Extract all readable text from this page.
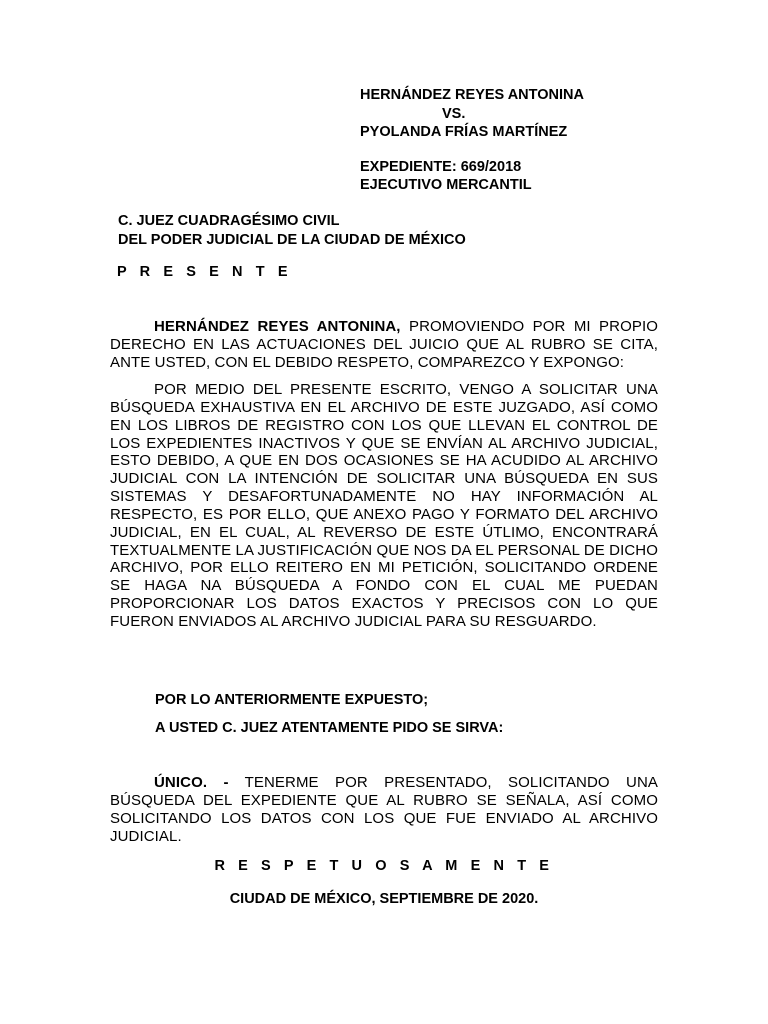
HERNÁNDEZ REYES ANTONINA
VS.
PYOLANDA FRÍAS MARTÍNEZ
EXPEDIENTE: 669/2018
EJECUTIVO MERCANTIL
C. JUEZ CUADRAGÉSIMO CIVIL
DEL PODER JUDICIAL DE LA CIUDAD DE MÉXICO
P R E S E N T E
HERNÁNDEZ REYES ANTONINA, PROMOVIENDO POR MI PROPIO DERECHO EN LAS ACTUACIONES DEL JUICIO QUE AL RUBRO SE CITA, ANTE USTED, CON EL DEBIDO RESPETO, COMPAREZCO Y EXPONGO:
POR MEDIO DEL PRESENTE ESCRITO, VENGO A SOLICITAR UNA BÚSQUEDA EXHAUSTIVA EN EL ARCHIVO DE ESTE JUZGADO, ASÍ COMO EN LOS LIBROS DE REGISTRO CON LOS QUE LLEVAN EL CONTROL DE LOS EXPEDIENTES INACTIVOS Y QUE SE ENVÍAN AL ARCHIVO JUDICIAL, ESTO DEBIDO, A QUE EN DOS OCASIONES SE HA ACUDIDO AL ARCHIVO JUDICIAL CON LA INTENCIÓN DE SOLICITAR UNA BÚSQUEDA EN SUS SISTEMAS Y DESAFORTUNADAMENTE NO HAY INFORMACIÓN AL RESPECTO, ES POR ELLO, QUE ANEXO PAGO Y FORMATO DEL ARCHIVO JUDICIAL, EN EL CUAL, AL REVERSO DE ESTE ÚTLIMO, ENCONTRARÁ TEXTUALMENTE LA JUSTIFICACIÓN QUE NOS DA EL PERSONAL DE DICHO ARCHIVO, POR ELLO REITERO EN MI PETICIÓN, SOLICITANDO ORDENE SE HAGA NA BÚSQUEDA A FONDO CON EL CUAL ME PUEDAN PROPORCIONAR LOS DATOS EXACTOS Y PRECISOS CON LO QUE FUERON ENVIADOS AL ARCHIVO JUDICIAL PARA SU RESGUARDO.
POR LO ANTERIORMENTE EXPUESTO;
A USTED C. JUEZ ATENTAMENTE PIDO SE SIRVA:
ÚNICO. - TENERME POR PRESENTADO, SOLICITANDO UNA BÚSQUEDA DEL EXPEDIENTE QUE AL RUBRO SE SEÑALA, ASÍ COMO SOLICITANDO LOS DATOS CON LOS QUE FUE ENVIADO AL ARCHIVO JUDICIAL.
R E S P E T U O S A M E N T E
CIUDAD DE MÉXICO, SEPTIEMBRE DE 2020.
